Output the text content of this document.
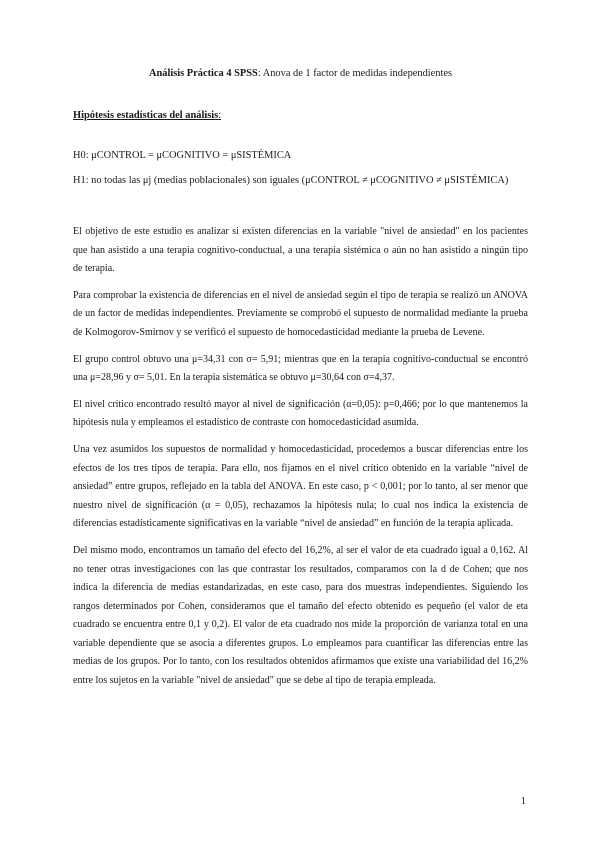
Análisis Práctica 4 SPSS: Anova de 1 factor de medidas independientes
Hipótesis estadísticas del análisis:
H0: μCONTROL = μCOGNITIVO = μSISTÉMICA
H1: no todas las μj (medias poblacionales) son iguales (μCONTROL ≠ μCOGNITIVO ≠ μSISTÉMICA)

El objetivo de este estudio es analizar si existen diferencias en la variable "nivel de ansiedad" en los pacientes que han asistido a una terapia cognitivo-conductual, a una terapia sistémica o aún no han asistido a ningún tipo de terapia.

Para comprobar la existencia de diferencias en el nivel de ansiedad según el tipo de terapia se realizó un ANOVA de un factor de medidas independientes. Previamente se comprobó el supuesto de normalidad mediante la prueba de Kolmogorov-Smirnov y se verificó el supuesto de homocedasticidad mediante la prueba de Levene.

El grupo control obtuvo una μ=34,31 con σ= 5,91; mientras que en la terapia cognitivo-conductual se encontró una μ=28,96 y σ= 5,01. En la terapia sistemática se obtuvo μ=30,64 con σ=4,37.

El nivel crítico encontrado resultó mayor al nivel de significación (α=0,05): p=0,466; por lo que mantenemos la hipótesis nula y empleamos el estadístico de contraste con homocedasticidad asumida.

Una vez asumidos los supuestos de normalidad y homocedasticidad, procedemos a buscar diferencias entre los efectos de los tres tipos de terapia. Para ello, nos fijamos en el nivel crítico obtenido en la variable “nivel de ansiedad” entre grupos, reflejado en la tabla del ANOVA. En este caso, p < 0,001; por lo tanto, al ser menor que nuestro nivel de significación (α = 0,05), rechazamos la hipótesis nula; lo cual nos indica la existencia de diferencias estadísticamente significativas en la variable “nivel de ansiedad” en función de la terapia aplicada.

Del mismo modo, encontramos un tamaño del efecto del 16,2%, al ser el valor de eta cuadrado igual a 0,162. Al no tener otras investigaciones con las que contrastar los resultados, comparamos con la d de Cohen; que nos indica la diferencia de medias estandarizadas, en este caso, para dos muestras independientes. Siguiendo los rangos determinados por Cohen, consideramos que el tamaño del efecto obtenido es pequeño (el valor de eta cuadrado se encuentra entre 0,1 y 0,2). El valor de eta cuadrado nos mide la proporción de varianza total en una variable dependiente que se asocia a diferentes grupos. Lo empleamos para cuantificar las diferencias entre las medias de los grupos. Por lo tanto, con los resultados obtenidos afirmamos que existe una variabilidad del 16,2% entre los sujetos en la variable "nivel de ansiedad" que se debe al tipo de terapia empleada.

1
